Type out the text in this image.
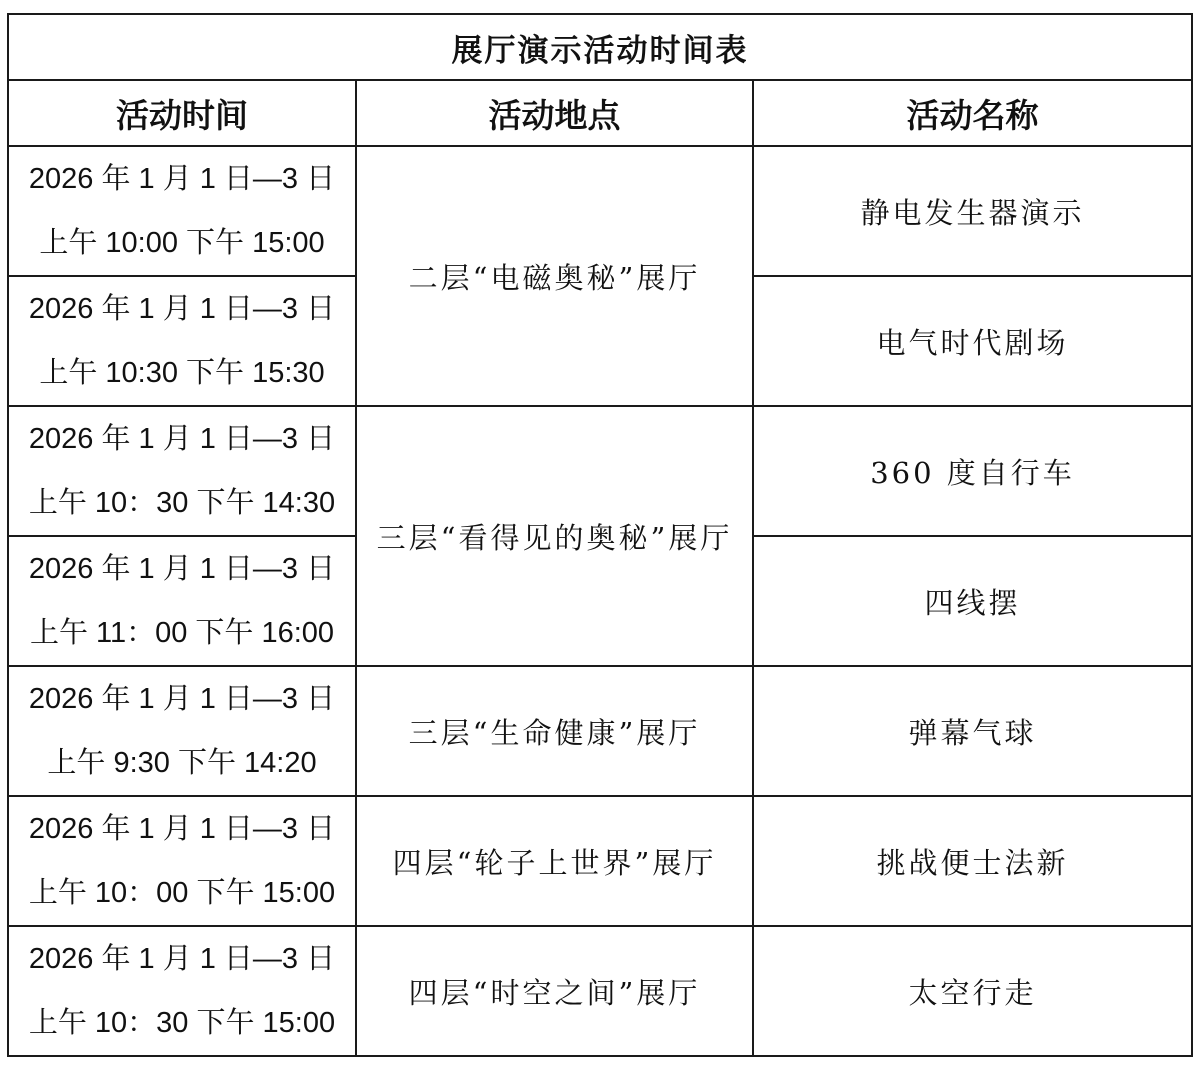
展厅演示活动时间表		
活动时间	活动地点	活动名称

2026 年 1 月 1 日—3 日
上午 10:00 下午 15:00	二层“电磁奥秘”展厅	静电发生器演示

2026 年 1 月 1 日—3 日
上午 10:30 下午 15:30		电气时代剧场

2026 年 1 月 1 日—3 日
上午 10：30 下午 14:30	三层“看得见的奥秘”展厅	360 度自行车

2026 年 1 月 1 日—3 日
上午 11：00 下午 16:00		四线摆

2026 年 1 月 1 日—3 日
上午 9:30 下午 14:20	三层“生命健康”展厅	弹幕气球

2026 年 1 月 1 日—3 日
上午 10：00 下午 15:00	四层“轮子上世界”展厅	挑战便士法新

2026 年 1 月 1 日—3 日
上午 10：30 下午 15:00	四层“时空之间”展厅	太空行走
